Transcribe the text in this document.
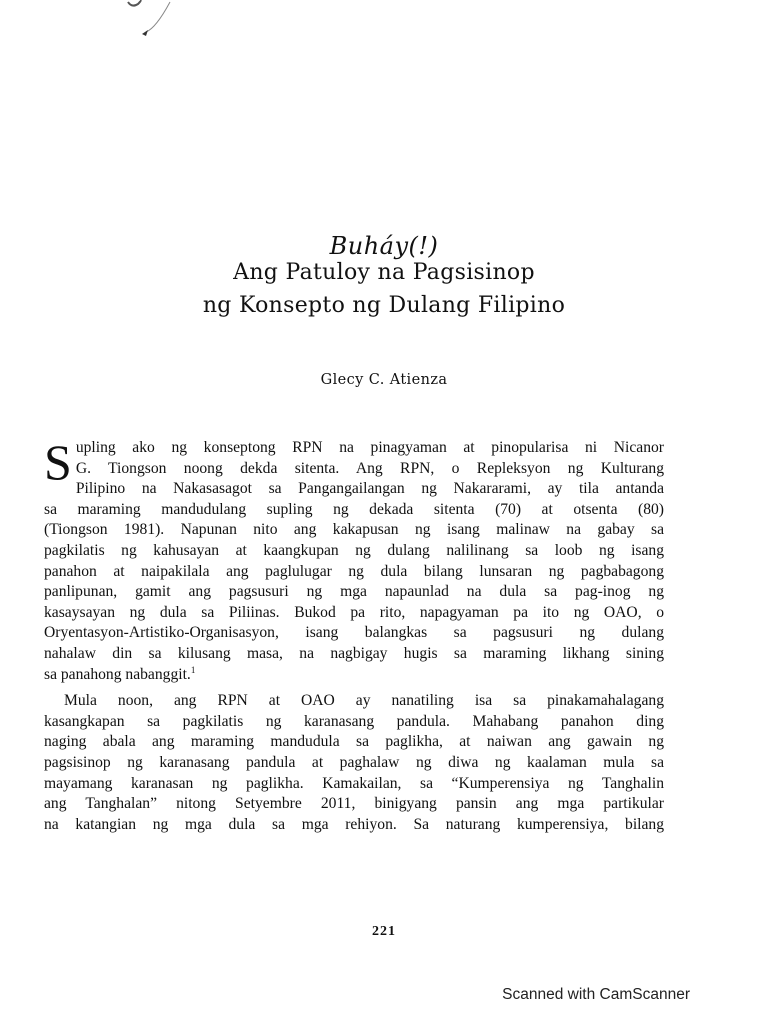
Buháy(!)
Ang Patuloy na Pagsisinop
ng Konsepto ng Dulang Filipino
Glecy C. Atienza
S upling ako ng konseptong RPN na pinagyaman at pinopularisa ni Nicanor
G. Tiongson noong dekda sitenta. Ang RPN, o Repleksyon ng Kulturang
Pilipino na Nakasasagot sa Pangangailangan ng Nakararami, ay tila antanda
sa maraming mandudulang supling ng dekada sitenta (70) at otsenta (80)
(Tiongson 1981). Napunan nito ang kakapusan ng isang malinaw na gabay sa
pagkilatis ng kahusayan at kaangkupan ng dulang nalilinang sa loob ng isang
panahon at naipakilala ang paglulugar ng dula bilang lunsaran ng pagbabagong
panlipunan, gamit ang pagsusuri ng mga napaunlad na dula sa pag-inog ng
kasaysayan ng dula sa Piliinas. Bukod pa rito, napagyaman pa ito ng OAO, o
Oryentasyon-Artistiko-Organisasyon, isang balangkas sa pagsusuri ng dulang
nahalaw din sa kilusang masa, na nagbigay hugis sa maraming likhang sining
sa panahong nabanggit.$^1$
Mula noon, ang RPN at OAO ay nanatiling isa sa pinakamahalagang
kasangkapan sa pagkilatis ng karanasang pandula. Mahabang panahon ding
naging abala ang maraming mandudula sa paglikha, at naiwan ang gawain ng
pagsisinop ng karanasang pandula at paghalaw ng diwa ng kaalaman mula sa
mayamang karanasan ng paglikha. Kamakailan, sa “Kumperensiya ng Tanghalin
ang Tanghalan” nitong Setyembre 2011, binigyang pansin ang mga partikular
na katangian ng mga dula sa mga rehiyon. Sa naturang kumperensiya, bilang
221
Scanned with CamScanner
